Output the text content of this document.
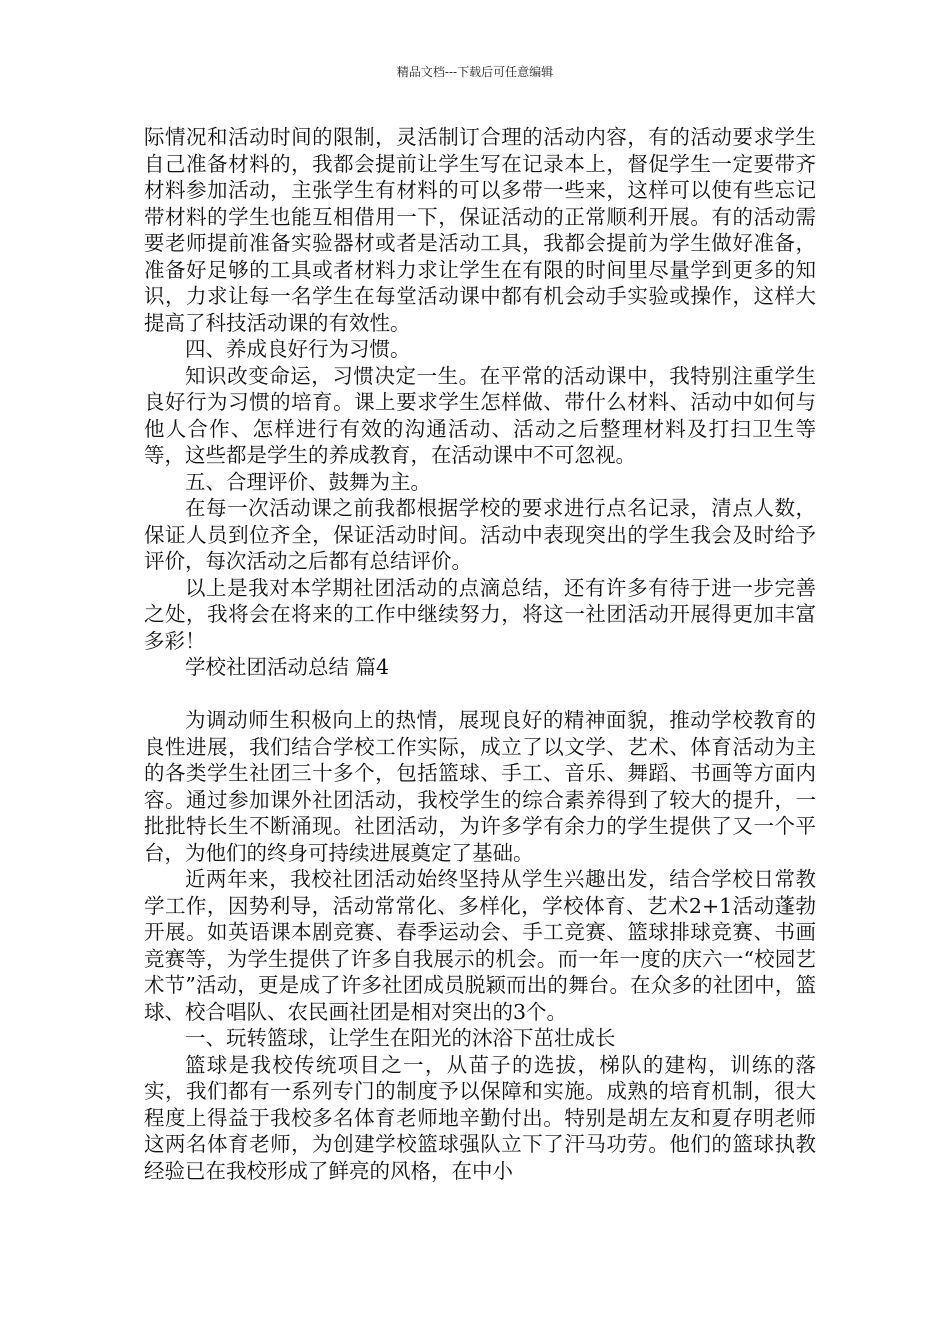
精品文档---下载后可任意编辑

际情况和活动时间的限制，灵活制订合理的活动内容，有的活动要求学生自己准备材料的，我都会提前让学生写在记录本上，督促学生一定要带齐材料参加活动，主张学生有材料的可以多带一些来，这样可以使有些忘记带材料的学生也能互相借用一下，保证活动的正常顺利开展。有的活动需要老师提前准备实验器材或者是活动工具，我都会提前为学生做好准备，准备好足够的工具或者材料力求让学生在有限的时间里尽量学到更多的知识，力求让每一名学生在每堂活动课中都有机会动手实验或操作，这样大提高了科技活动课的有效性。

四、养成良好行为习惯。

知识改变命运，习惯决定一生。在平常的活动课中，我特别注重学生良好行为习惯的培育。课上要求学生怎样做、带什么材料、活动中如何与他人合作、怎样进行有效的沟通活动、活动之后整理材料及打扫卫生等等，这些都是学生的养成教育，在活动课中不可忽视。

五、合理评价、鼓舞为主。

在每一次活动课之前我都根据学校的要求进行点名记录，清点人数，保证人员到位齐全，保证活动时间。活动中表现突出的学生我会及时给予评价，每次活动之后都有总结评价。

以上是我对本学期社团活动的点滴总结，还有许多有待于进一步完善之处，我将会在将来的工作中继续努力，将这一社团活动开展得更加丰富多彩！

学校社团活动总结 篇4

为调动师生积极向上的热情，展现良好的精神面貌，推动学校教育的良性进展，我们结合学校工作实际，成立了以文学、艺术、体育活动为主的各类学生社团三十多个，包括篮球、手工、音乐、舞蹈、书画等方面内容。通过参加课外社团活动，我校学生的综合素养得到了较大的提升，一批批特长生不断涌现。社团活动，为许多学有余力的学生提供了又一个平台，为他们的终身可持续进展奠定了基础。

近两年来，我校社团活动始终坚持从学生兴趣出发，结合学校日常教学工作，因势利导，活动常常化、多样化，学校体育、艺术2+1活动蓬勃开展。如英语课本剧竞赛、春季运动会、手工竞赛、篮球排球竞赛、书画竞赛等，为学生提供了许多自我展示的机会。而一年一度的庆六一“校园艺术节”活动，更是成了许多社团成员脱颖而出的舞台。在众多的社团中，篮球、校合唱队、农民画社团是相对突出的3个。

一、玩转篮球，让学生在阳光的沐浴下茁壮成长

篮球是我校传统项目之一，从苗子的选拔，梯队的建构，训练的落实，我们都有一系列专门的制度予以保障和实施。成熟的培育机制，很大程度上得益于我校多名体育老师地辛勤付出。特别是胡左友和夏存明老师这两名体育老师，为创建学校篮球强队立下了汗马功劳。他们的篮球执教经验已在我校形成了鲜亮的风格，在中小
